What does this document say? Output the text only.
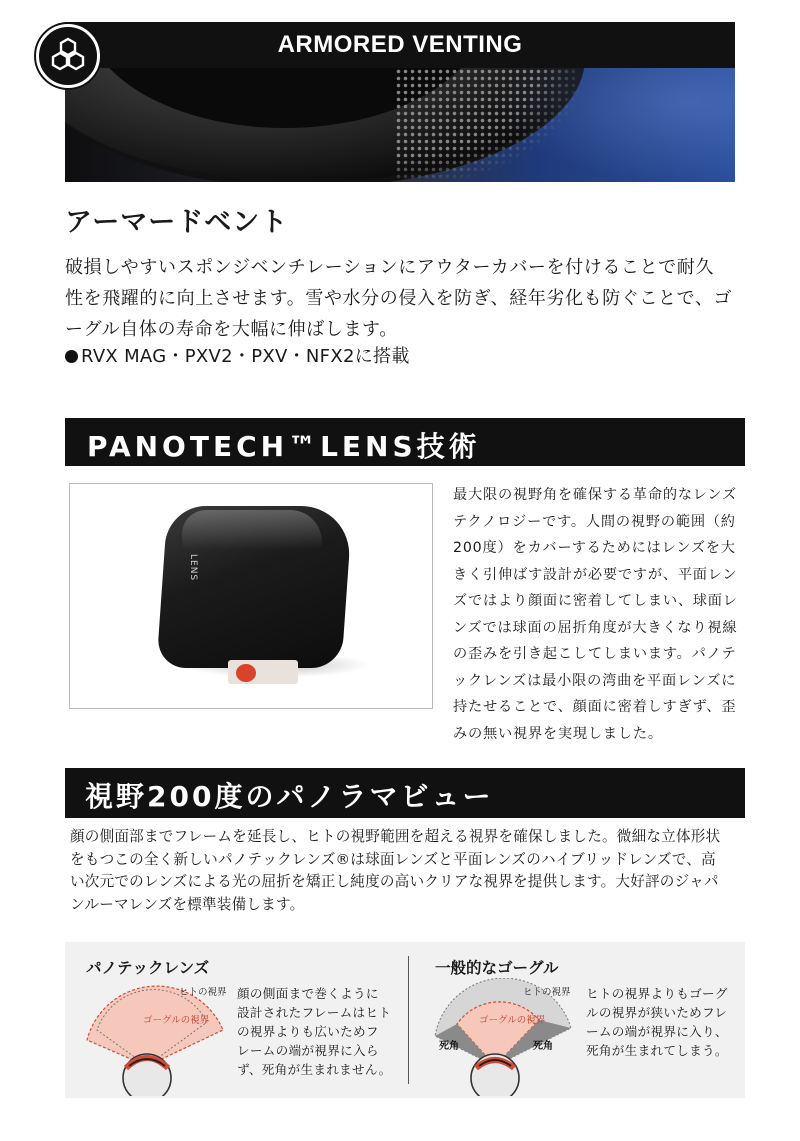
ARMORED VENTING
アーマードベント
破損しやすいスポンジベンチレーションにアウターカバーを付けることで耐久
性を飛躍的に向上させます。雪や水分の侵入を防ぎ、経年劣化も防ぐことで、ゴ
ーグル自体の寿命を大幅に伸ばします。
RVX MAG・PXV2・PXV・NFX2に搭載
PANOTECH™LENS技術
LENS
最大限の視野角を確保する革命的なレンズ
テクノロジーです。人間の視野の範囲（約
200度）をカバーするためにはレンズを大
きく引伸ばす設計が必要ですが、平面レン
ズではより顔面に密着してしまい、球面レ
ンズでは球面の屈折角度が大きくなり視線
の歪みを引き起こしてしまいます。パノテ
ックレンズは最小限の湾曲を平面レンズに
持たせることで、顔面に密着しすぎず、歪
みの無い視界を実現しました。
視野200度のパノラマビュー
顔の側面部までフレームを延長し、ヒトの視野範囲を超える視界を確保しました。微細な立体形状
をもつこの全く新しいパノテックレンズ®は球面レンズと平面レンズのハイブリッドレンズで、高
い次元でのレンズによる光の屈折を矯正し純度の高いクリアな視界を提供します。大好評のジャパ
ンルーマレンズを標準装備します。
パノテックレンズ
ゴーグルの視界
ヒトの視界 顔の側面まで巻くように
設計されたフレームはヒト
の視界よりも広いためフ
レームの端が視界に入ら
ず、死角が生まれません。
一般的なゴーグル
ゴーグルの視界
ヒトの視界
死角	死角
ヒトの視界よりもゴーグ
ルの視界が狭いためフレ
ームの端が視界に入り、
死角が生まれてしまう。
